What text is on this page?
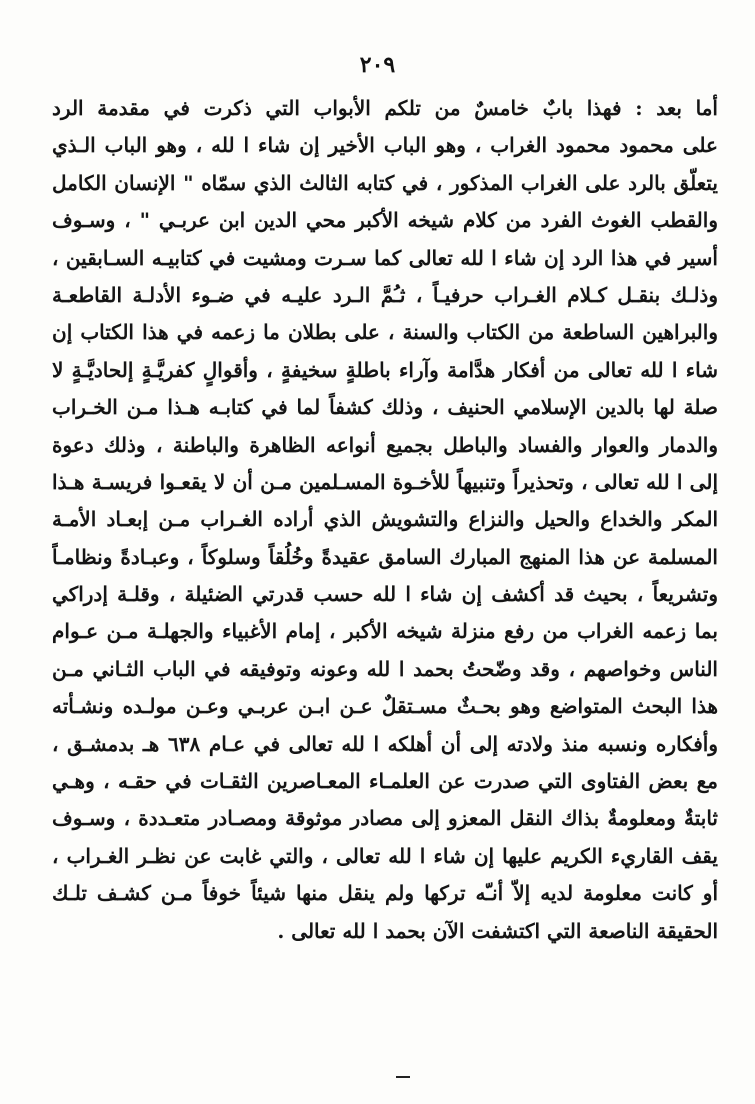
٢٠٩
أما بعد : فهذا بابٌ خامسٌ من تلكم الأبواب التي ذكرت في مقدمة الرد
على محمود محمود الغراب ، وهو الباب الأخير إن شاء ا لله ، وهو الباب الـذي
يتعلّق بالرد على الغراب المذكور ، في كتابه الثالث الذي سمّاه " الإنسان الكامل
والقطب الغوث الفرد من كلام شيخه الأكبر محي الدين ابن عربـي " ، وسـوف
أسير في هذا الرد إن شاء ا لله تعالى كما سـرت ومشيت في كتابيـه السـابقين ،
وذلـك بنقـل كـلام الغـراب حرفيـاً ، ثـُمَّ الـرد عليـه في ضـوء الأدلـة القاطعـة
والبراهين الساطعة من الكتاب والسنة ، على بطلان ما زعمه في هذا الكتاب إن
شاء ا لله تعالى من أفكار هدَّامة وآراء باطلةٍ سخيفةٍ ، وأقوالٍ كفريَّـةٍ إلحاديَّـةٍ لا
صلة لها بالدين الإسلامي الحنيف ، وذلك كشفاً لما في كتابـه هـذا مـن الخـراب
والدمار والعوار والفساد والباطل بجميع أنواعه الظاهرة والباطنة ، وذلك دعوة
إلى ا لله تعالى ، وتحذيراً وتنبيهاً للأخـوة المسـلمين مـن أن لا يقعـوا فريسـة هـذا
المكر والخداع والحيل والنزاع والتشويش الذي أراده الغـراب مـن إبعـاد الأمـة
المسلمة عن هذا المنهج المبارك السامق عقيدةً وخُلُقاً وسلوكاً ، وعبـادةً ونظامـاً
وتشريعاً ، بحيث قد أكشف إن شاء ا لله حسب قدرتي الضئيلة ، وقلـة إدراكي
بما زعمه الغراب من رفع منزلة شيخه الأكبر ، إمام الأغبياء والجهلـة مـن عـوام
الناس وخواصهم ، وقد وضّحتُ بحمد ا لله وعونه وتوفيقه في الباب الثـاني مـن
هذا البحث المتواضع وهو بحـثٌ مسـتقلٌ عـن ابـن عربـي وعـن مولـده ونشـأته
وأفكاره ونسبه منذ ولادته إلى أن أهلكه ا لله تعالى في عـام ٦٣٨ هـ بدمشـق ،
مع بعض الفتاوى التي صدرت عن العلمـاء المعـاصرين الثقـات في حقـه ، وهـي
ثابتةٌ ومعلومةٌ بذاك النقل المعزو إلى مصادر موثوقة ومصـادر متعـددة ، وسـوف
يقف القاريء الكريم عليها إن شاء ا لله تعالى ، والتي غابت عن نظـر الغـراب ،
أو كانت معلومة لديه إلاّ أنـّه تركها ولم ينقل منها شيئاً خوفاً مـن كشـف تلـك
الحقيقة الناصعة التي اكتشفت الآن بحمد ا لله تعالى .
